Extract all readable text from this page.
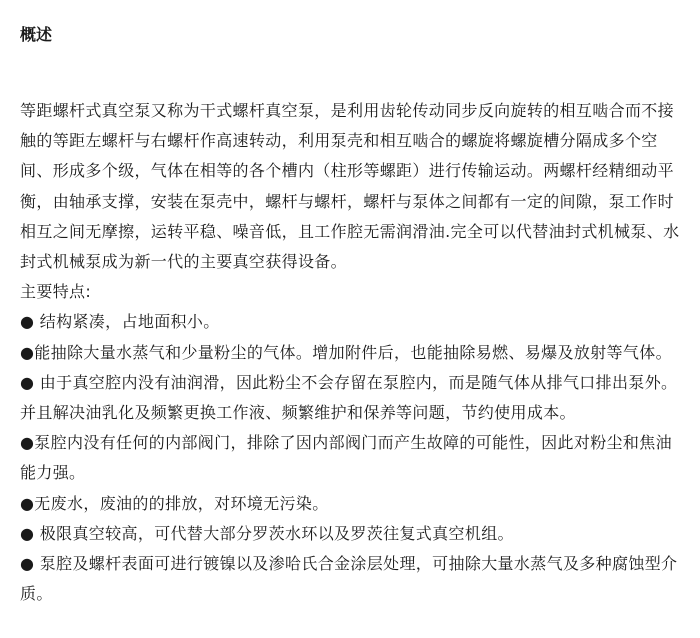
概述

等距螺杆式真空泵又称为干式螺杆真空泵，是利用齿轮传动同步反向旋转的相互啮合而不接触的等距左螺杆与右螺杆作高速转动，利用泵壳和相互啮合的螺旋将螺旋槽分隔成多个空间、形成多个级，气体在相等的各个槽内（柱形等螺距）进行传输运动。两螺杆经精细动平衡，由轴承支撑，安装在泵壳中，螺杆与螺杆，螺杆与泵体之间都有一定的间隙，泵工作时相互之间无摩擦，运转平稳、噪音低，且工作腔无需润滑油.完全可以代替油封式机械泵、水封式机械泵成为新一代的主要真空获得设备。

主要特点:

● 结构紧凑，占地面积小。

●能抽除大量水蒸气和少量粉尘的气体。增加附件后，也能抽除易燃、易爆及放射等气体。

● 由于真空腔内没有油润滑，因此粉尘不会存留在泵腔内，而是随气体从排气口排出泵外。并且解决油乳化及频繁更换工作液、频繁维护和保养等问题，节约使用成本。

●泵腔内没有任何的内部阀门，排除了因内部阀门而产生故障的可能性，因此对粉尘和焦油能力强。

●无废水，废油的的排放，对环境无污染。

● 极限真空较高，可代替大部分罗茨水环以及罗茨往复式真空机组。

● 泵腔及螺杆表面可进行镀镍以及渗哈氏合金涂层处理，可抽除大量水蒸气及多种腐蚀型介质。
